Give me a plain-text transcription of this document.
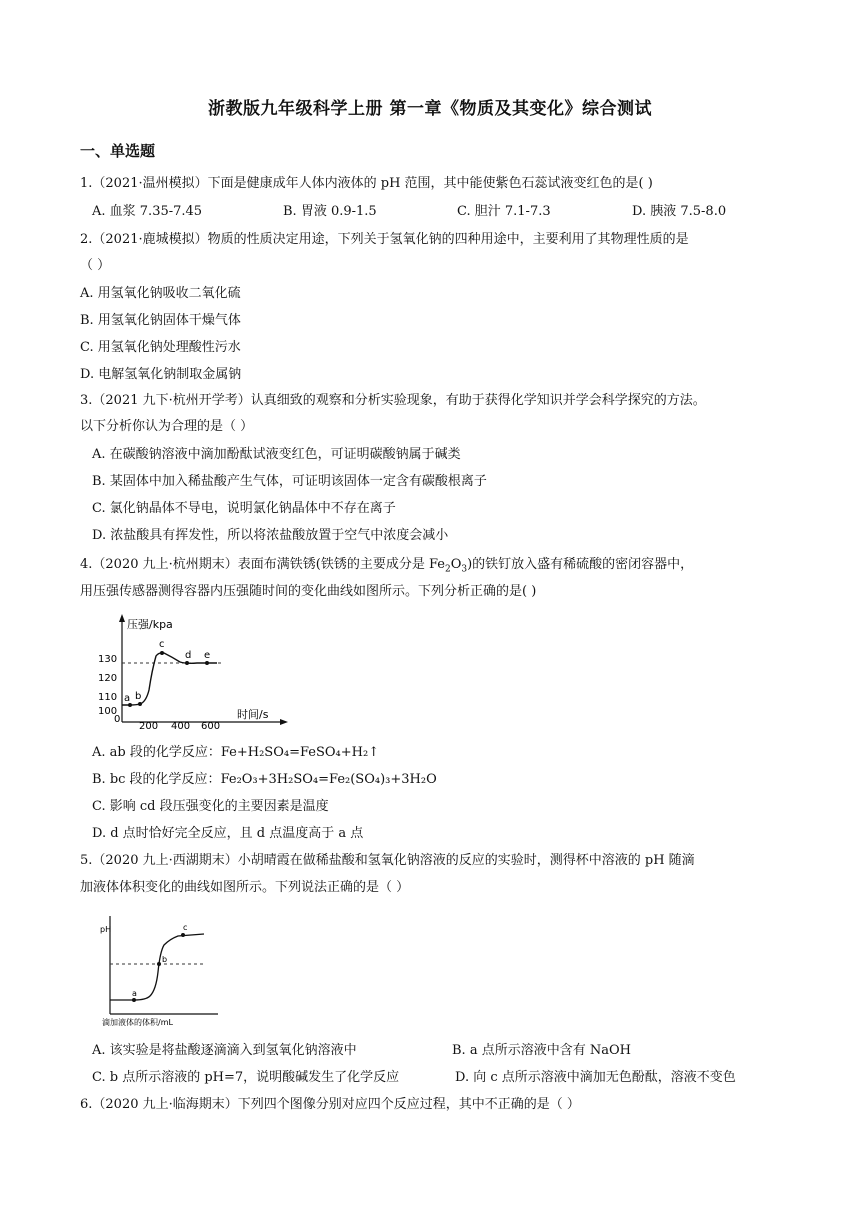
浙教版九年级科学上册 第一章《物质及其变化》综合测试
一、单选题
1.（2021·温州模拟）下面是健康成年人体内液体的 pH 范围，其中能使紫色石蕊试液变红色的是( )
A. 血浆 7.35-7.45	B. 胃液 0.9-1.5	C. 胆汁 7.1-7.3	D. 胰液 7.5-8.0
2.（2021·鹿城模拟）物质的性质决定用途，下列关于氢氧化钠的四种用途中，主要利用了其物理性质的是
（ ）
A. 用氢氧化钠吸收二氧化硫
B. 用氢氧化钠固体干燥气体
C. 用氢氧化钠处理酸性污水
D. 电解氢氧化钠制取金属钠
3.（2021 九下·杭州开学考）认真细致的观察和分析实验现象，有助于获得化学知识并学会科学探究的方法。
以下分析你认为合理的是（ ）
A. 在碳酸钠溶液中滴加酚酞试液变红色，可证明碳酸钠属于碱类
B. 某固体中加入稀盐酸产生气体，可证明该固体一定含有碳酸根离子
C. 氯化钠晶体不导电，说明氯化钠晶体中不存在离子
D. 浓盐酸具有挥发性，所以将浓盐酸放置于空气中浓度会减小
4.（2020 九上·杭州期末）表面布满铁锈(铁锈的主要成分是 $Fe_2O_3$)的铁钉放入盛有稀硫酸的密闭容器中，
用压强传感器测得容器内压强随时间的变化曲线如图所示。下列分析正确的是( )
压强/kpa
时间/s
130
120
110
100
0
200 400 600
a b
c
d e
A. ab 段的化学反应：Fe+H₂SO₄=FeSO₄+H₂↑
B. bc 段的化学反应：Fe₂O₃+3H₂SO₄=Fe₂(SO₄)₃+3H₂O
C. 影响 cd 段压强变化的主要因素是温度
D. d 点时恰好完全反应，且 d 点温度高于 a 点
5.（2020 九上·西湖期末）小胡晴霞在做稀盐酸和氢氧化钠溶液的反应的实验时，测得杯中溶液的 pH 随滴
加液体体积变化的曲线如图所示。下列说法正确的是（ ）
pH
滴加液体的体积/mL
a
b
c
A. 该实验是将盐酸逐滴滴入到氢氧化钠溶液中	B. a 点所示溶液中含有 NaOH
C. b 点所示溶液的 pH=7，说明酸碱发生了化学反应	D. 向 c 点所示溶液中滴加无色酚酞，溶液不变色
6.（2020 九上·临海期末）下列四个图像分别对应四个反应过程，其中不正确的是（ ）
